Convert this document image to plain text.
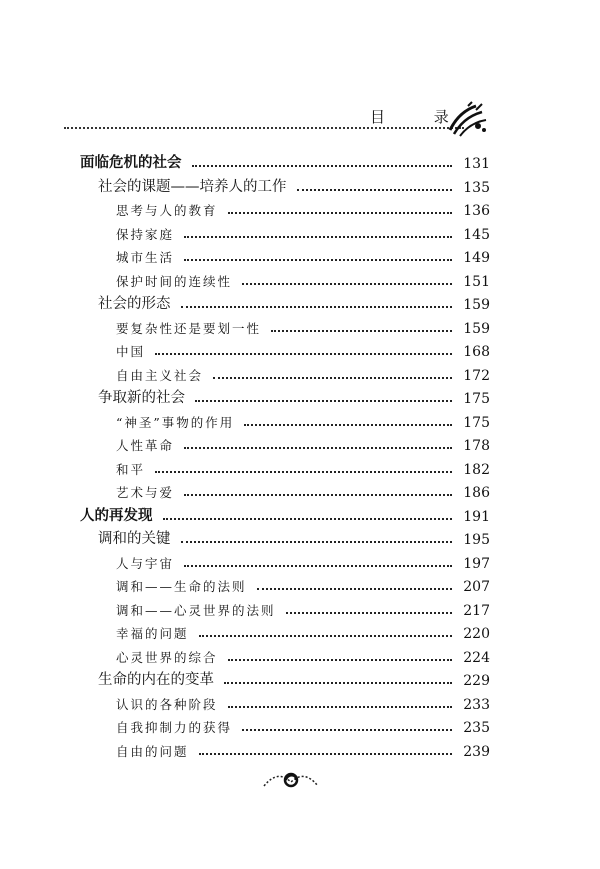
目 录
面临危机的社会	131
社会的课题——培养人的工作	135
思考与人的教育	136
保持家庭	145
城市生活	149
保护时间的连续性	151
社会的形态	159
要复杂性还是要划一性	159
中国	168
自由主义社会	172
争取新的社会	175
“神圣”事物的作用	175
人性革命	178
和平	182
艺术与爱	186
人的再发现	191
调和的关键	195
人与宇宙	197
调和——生命的法则	207
调和——心灵世界的法则	217
幸福的问题	220
心灵世界的综合	224
生命的内在的变革	229
认识的各种阶段	233
自我抑制力的获得	235
自由的问题	239
